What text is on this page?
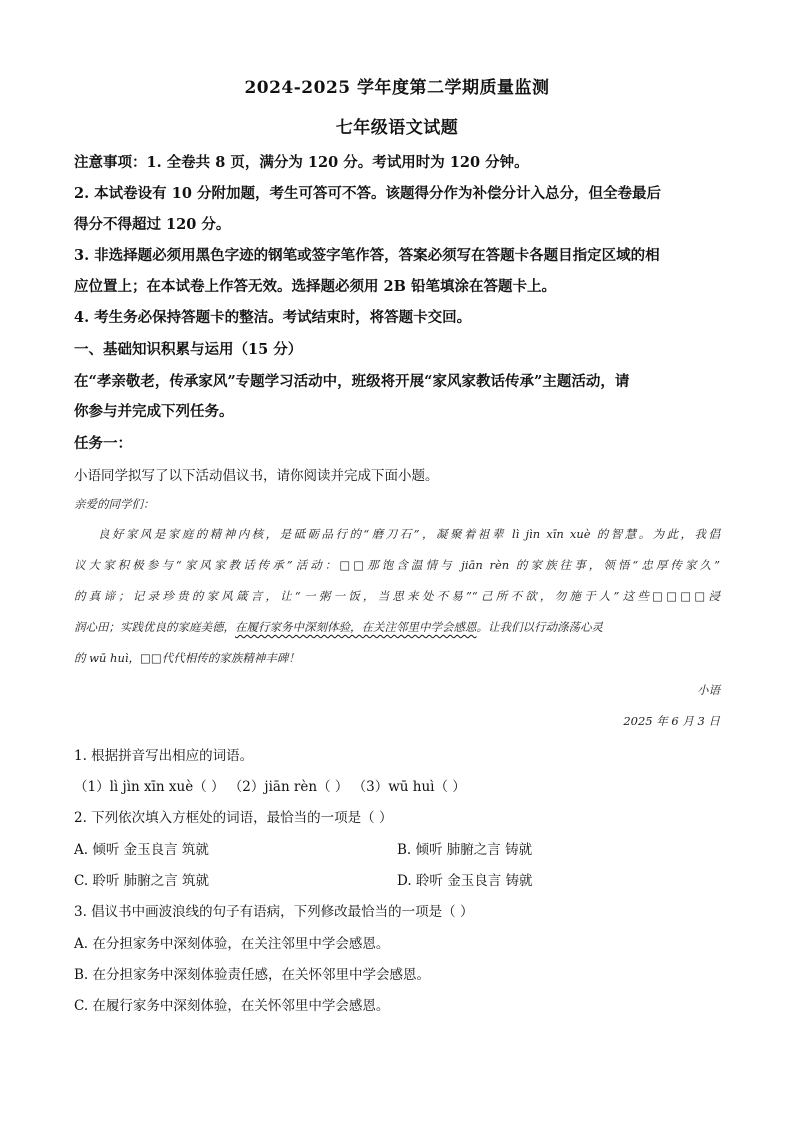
2024-2025 学年度第二学期质量监测
七年级语文试题
注意事项：1. 全卷共 8 页，满分为 120 分。考试用时为 120 分钟。
2. 本试卷设有 10 分附加题，考生可答可不答。该题得分作为补偿分计入总分，但全卷最后
得分不得超过 120 分。
3. 非选择题必须用黑色字迹的钢笔或签字笔作答，答案必须写在答题卡各题目指定区域的相
应位置上；在本试卷上作答无效。选择题必须用 2B 铅笔填涂在答题卡上。
4. 考生务必保持答题卡的整洁。考试结束时，将答题卡交回。
一、基础知识积累与运用（15 分）
在“孝亲敬老，传承家风”专题学习活动中，班级将开展“家风家教话传承”主题活动，请
你参与并完成下列任务。
任务一：
小语同学拟写了以下活动倡议书，请你阅读并完成下面小题。
亲爱的同学们：
良好家风是家庭的精神内核，是砥砺品行的“磨刀石”，凝聚着祖辈 lì jìn xīn xuè 的智慧。为此，我倡
议大家积极参与“家风家教话传承”活动：□□那饱含温情与 jiān rèn 的家族往事，领悟“忠厚传家久”
的真谛；记录珍贵的家风箴言，让“一粥一饭，当思来处不易”“己所不欲，勿施于人”这些□□□□浸
润心田；实践优良的家庭美德，在履行家务中深刻体验，在关注邻里中学会感恩。让我们以行动涤荡心灵
的 wū huì，□□代代相传的家族精神丰碑！
小语
2025 年 6 月 3 日
1. 根据拼音写出相应的词语。
（1）lì jìn xīn xuè（ ） （2）jiān rèn（ ） （3）wū huì（ ）
2. 下列依次填入方框处的词语，最恰当的一项是（ ）
A. 倾听 金玉良言 筑就	B. 倾听 肺腑之言 铸就
C. 聆听 肺腑之言 筑就	D. 聆听 金玉良言 铸就
3. 倡议书中画波浪线的句子有语病，下列修改最恰当的一项是（ ）
A. 在分担家务中深刻体验，在关注邻里中学会感恩。
B. 在分担家务中深刻体验责任感，在关怀邻里中学会感恩。
C. 在履行家务中深刻体验，在关怀邻里中学会感恩。
